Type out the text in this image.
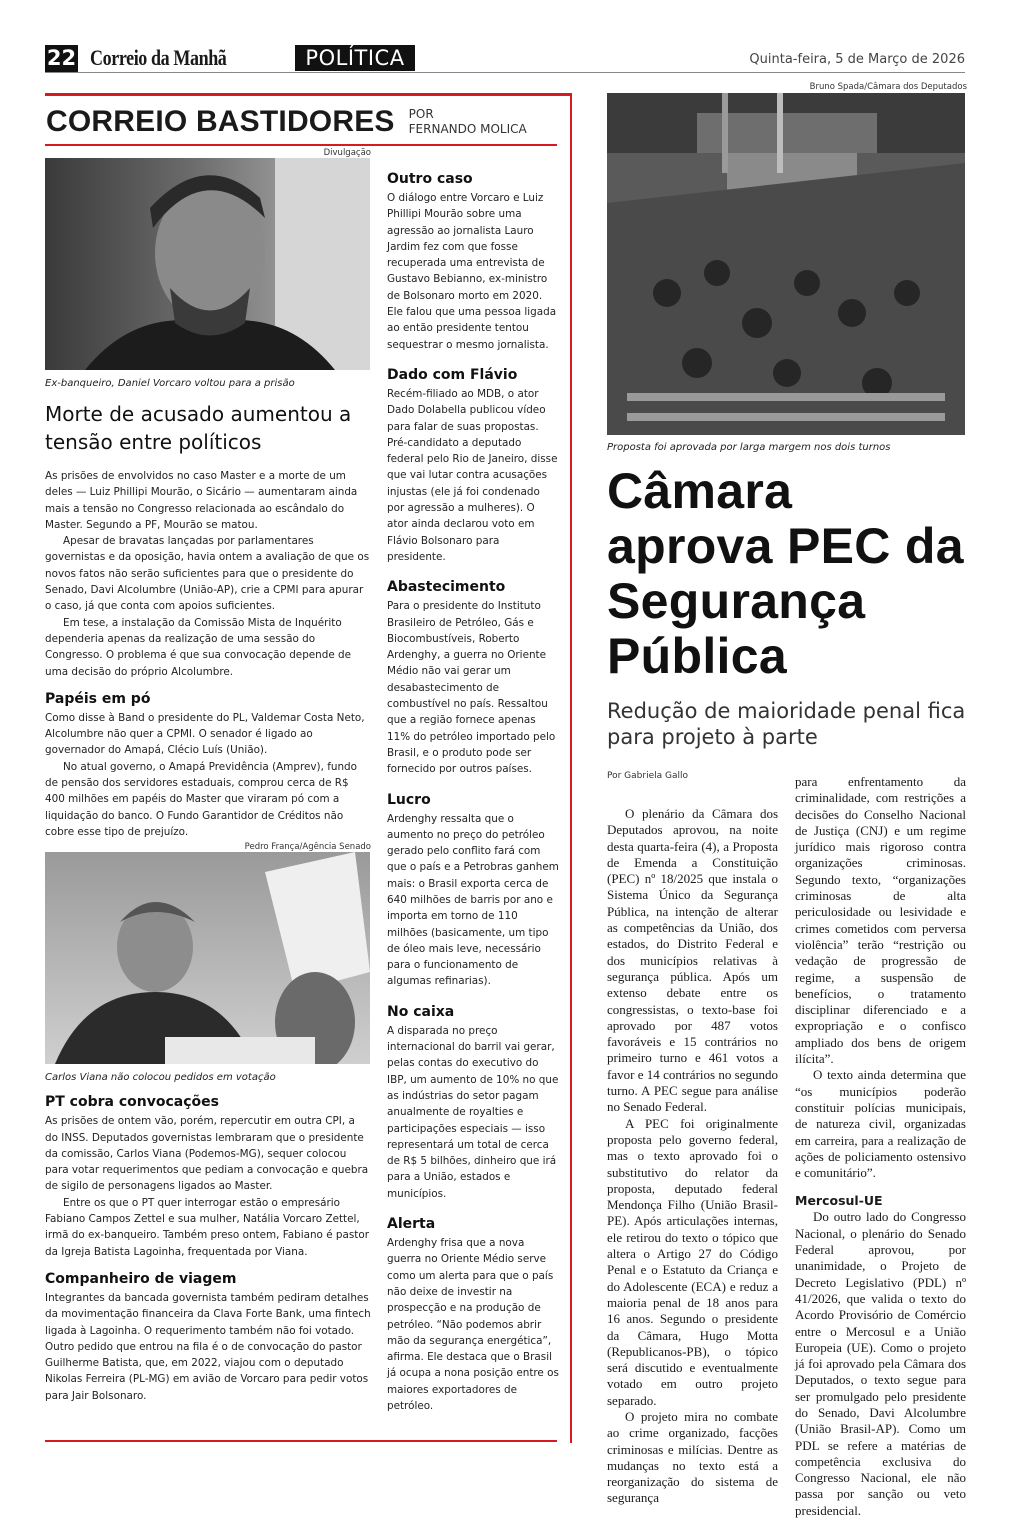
22 Correio da Manhã	POLÍTICA	Quinta-feira, 5 de Março de 2026
CORREIO BASTIDORES POR
FERNANDO MOLICA
Divulgação
Ex-banqueiro, Daniel Vorcaro voltou para a prisão
Morte de acusado aumentou a tensão entre políticos

As prisões de envolvidos no caso Master e a morte de um deles — Luiz Phillipi Mourão, o Sicário — aumentaram ainda mais a tensão no Congresso relacionada ao escândalo do Master. Segundo a PF, Mourão se matou.

Apesar de bravatas lançadas por parlamentares governistas e da oposição, havia ontem a avaliação de que os novos fatos não serão suficientes para que o presidente do Senado, Davi Alcolumbre (União-AP), crie a CPMI para apurar o caso, já que conta com apoios suficientes.

Em tese, a instalação da Comissão Mista de Inquérito dependeria apenas da realização de uma sessão do Congresso. O problema é que sua convocação depende de uma decisão do próprio Alcolumbre.

Papéis em pó

Como disse à Band o presidente do PL, Valdemar Costa Neto, Alcolumbre não quer a CPMI. O senador é ligado ao governador do Amapá, Clécio Luís (União).

No atual governo, o Amapá Previdência (Amprev), fundo de pensão dos servidores estaduais, comprou cerca de R$ 400 milhões em papéis do Master que viraram pó com a liquidação do banco. O Fundo Garantidor de Créditos não cobre esse tipo de prejuízo.

Pedro França/Agência Senado
Carlos Viana não colocou pedidos em votação
PT cobra convocações

As prisões de ontem vão, porém, repercutir em outra CPI, a do INSS. Deputados governistas lembraram que o presidente da comissão, Carlos Viana (Podemos-MG), sequer colocou para votar requerimentos que pediam a convocação e quebra de sigilo de personagens ligados ao Master.

Entre os que o PT quer interrogar estão o empresário Fabiano Campos Zettel e sua mulher, Natália Vorcaro Zettel, irmã do ex-banqueiro. Também preso ontem, Fabiano é pastor da Igreja Batista Lagoinha, frequentada por Viana.

Companheiro de viagem

Integrantes da bancada governista também pediram detalhes da movimentação financeira da Clava Forte Bank, uma fintech ligada à Lagoinha. O requerimento também não foi votado. Outro pedido que entrou na fila é o de convocação do pastor Guilherme Batista, que, em 2022, viajou com o deputado Nikolas Ferreira (PL-MG) em avião de Vorcaro para pedir votos para Jair Bolsonaro.

Outro caso

O diálogo entre Vorcaro e Luiz Phillipi Mourão sobre uma agressão ao jornalista Lauro Jardim fez com que fosse recuperada uma entrevista de Gustavo Bebianno, ex-ministro de Bolsonaro morto em 2020. Ele falou que uma pessoa ligada ao então presidente tentou sequestrar o mesmo jornalista.

Dado com Flávio

Recém-filiado ao MDB, o ator Dado Dolabella publicou vídeo para falar de suas propostas. Pré-candidato a deputado federal pelo Rio de Janeiro, disse que vai lutar contra acusações injustas (ele já foi condenado por agressão a mulheres). O ator ainda declarou voto em Flávio Bolsonaro para presidente.

Abastecimento

Para o presidente do Instituto Brasileiro de Petróleo, Gás e Biocombustíveis, Roberto Ardenghy, a guerra no Oriente Médio não vai gerar um desabastecimento de combustível no país. Ressaltou que a região fornece apenas 11% do petróleo importado pelo Brasil, e o produto pode ser fornecido por outros países.

Lucro

Ardenghy ressalta que o aumento no preço do petróleo gerado pelo conflito fará com que o país e a Petrobras ganhem mais: o Brasil exporta cerca de 640 milhões de barris por ano e importa em torno de 110 milhões (basicamente, um tipo de óleo mais leve, necessário para o funcionamento de algumas refinarias).

No caixa

A disparada no preço internacional do barril vai gerar, pelas contas do executivo do IBP, um aumento de 10% no que as indústrias do setor pagam anualmente de royalties e participações especiais — isso representará um total de cerca de R$ 5 bilhões, dinheiro que irá para a União, estados e municípios.

Alerta

Ardenghy frisa que a nova guerra no Oriente Médio serve como um alerta para que o país não deixe de investir na prospecção e na produção de petróleo. “Não podemos abrir mão da segurança energética”, afirma. Ele destaca que o Brasil já ocupa a nona posição entre os maiores exportadores de petróleo.

Bruno Spada/Câmara dos Deputados
Proposta foi aprovada por larga margem nos dois turnos
Câmara aprova PEC da Segurança Pública
Redução de maioridade penal fica para projeto à parte
Por Gabriela Gallo

O plenário da Câmara dos Deputados aprovou, na noite desta quarta-feira (4), a Proposta de Emenda a Constituição (PEC) nº 18/2025 que instala o Sistema Único da Segurança Pública, na intenção de alterar as competências da União, dos estados, do Distrito Federal e dos municípios relativas à segurança pública. Após um extenso debate entre os congressistas, o texto-base foi aprovado por 487 votos favoráveis e 15 contrários no primeiro turno e 461 votos a favor e 14 contrários no segundo turno. A PEC segue para análise no Senado Federal.

A PEC foi originalmente proposta pelo governo federal, mas o texto aprovado foi o substitutivo do relator da proposta, deputado federal Mendonça Filho (União Brasil-PE). Após articulações internas, ele retirou do texto o tópico que altera o Artigo 27 do Código Penal e o Estatuto da Criança e do Adolescente (ECA) e reduz a maioria penal de 18 anos para 16 anos. Segundo o presidente da Câmara, Hugo Motta (Republicanos-PB), o tópico será discutido e eventualmente votado em outro projeto separado.

O projeto mira no combate ao crime organizado, facções criminosas e milícias. Dentre as mudanças no texto está a reorganização do sistema de segurança

para enfrentamento da criminalidade, com restrições a decisões do Conselho Nacional de Justiça (CNJ) e um regime jurídico mais rigoroso contra organizações criminosas. Segundo texto, “organizações criminosas de alta periculosidade ou lesividade e crimes cometidos com perversa violência” terão “restrição ou vedação de progressão de regime, a suspensão de benefícios, o tratamento disciplinar diferenciado e a expropriação e o confisco ampliado dos bens de origem ilícita”.

O texto ainda determina que “os municípios poderão constituir polícias municipais, de natureza civil, organizadas em carreira, para a realização de ações de policiamento ostensivo e comunitário”.

Mercosul-UE

Do outro lado do Congresso Nacional, o plenário do Senado Federal aprovou, por unanimidade, o Projeto de Decreto Legislativo (PDL) nº 41/2026, que valida o texto do Acordo Provisório de Comércio entre o Mercosul e a União Europeia (UE). Como o projeto já foi aprovado pela Câmara dos Deputados, o texto segue para ser promulgado pelo presidente do Senado, Davi Alcolumbre (União Brasil-AP). Como um PDL se refere a matérias de competência exclusiva do Congresso Nacional, ele não passa por sanção ou veto presidencial.
